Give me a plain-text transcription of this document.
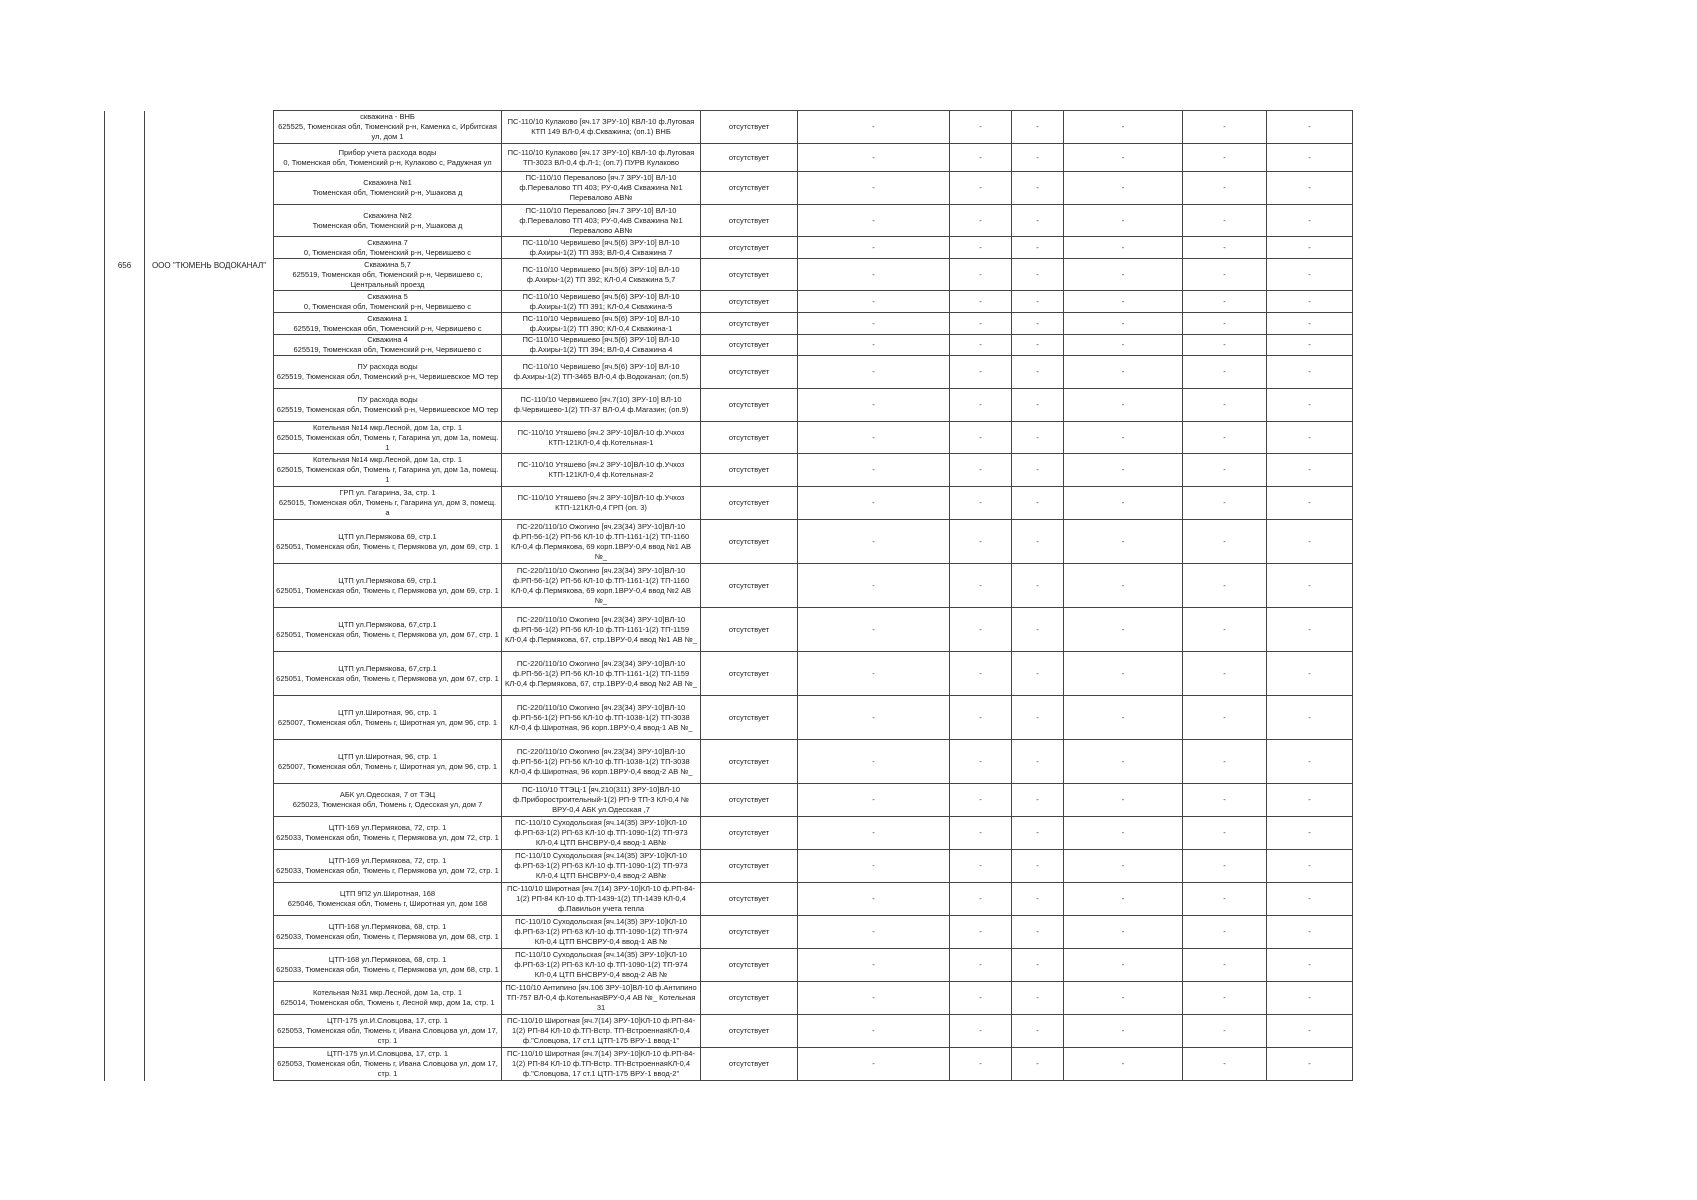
656	ООО "ТЮМЕНЬ ВОДОКАНАЛ"	скважина - ВНБ
625525, Тюменская обл, Тюменский р-н, Каменка с, Ирбитская ул, дом 1	ПС-110/10 Кулаково [яч.17 ЗРУ-10] КВЛ-10 ф.Луговая КТП 149 ВЛ-0,4 ф.Скважина; (оп.1) ВНБ	отсутствует	-	-	-	-	-	-

		Прибор учета расхода воды
0, Тюменская обл, Тюменский р-н, Кулаково с, Радужная ул	ПС-110/10 Кулаково [яч.17 ЗРУ-10] КВЛ-10 ф.Луговая ТП-3023 ВЛ-0,4 ф.Л-1; (оп.7) ПУРВ Кулаково	отсутствует	-	-	-	-	-	-

		Скважина №1
Тюменская обл, Тюменский р-н, Ушакова д	ПС-110/10 Перевалово [яч.7 ЗРУ-10] ВЛ-10 ф.Перевалово ТП 403; РУ-0,4кВ Скважина №1 Перевалово АВ№	отсутствует	-	-	-	-	-	-

		Скважина №2
Тюменская обл, Тюменский р-н, Ушакова д	ПС-110/10 Перевалово [яч.7 ЗРУ-10] ВЛ-10 ф.Перевалово ТП 403; РУ-0,4кВ Скважина №1 Перевалово АВ№	отсутствует	-	-	-	-	-	-

		Скважина 7
0, Тюменская обл, Тюменский р-н, Червишево с	ПС-110/10 Червишево [яч.5(6) ЗРУ-10] ВЛ-10 ф.Ахиры-1(2) ТП 393; ВЛ-0,4 Скважина 7	отсутствует	-	-	-	-	-	-

		Скважина 5,7
625519, Тюменская обл, Тюменский р-н, Червишево с, Центральный проезд	ПС-110/10 Червишево [яч.5(6) ЗРУ-10] ВЛ-10 ф.Ахиры-1(2) ТП 392; КЛ-0,4 Скважина 5,7	отсутствует	-	-	-	-	-	-

		Скважина 5
0, Тюменская обл, Тюменский р-н, Червишево с	ПС-110/10 Червишево [яч.5(6) ЗРУ-10] ВЛ-10 ф.Ахиры-1(2) ТП 391; КЛ-0,4 Скважина-5	отсутствует	-	-	-	-	-	-

		Скважина 1
625519, Тюменская обл, Тюменский р-н, Червишево с	ПС-110/10 Червишево [яч.5(6) ЗРУ-10] ВЛ-10 ф.Ахиры-1(2) ТП 390; КЛ-0,4 Скважина-1	отсутствует	-	-	-	-	-	-

		Скважина 4
625519, Тюменская обл, Тюменский р-н, Червишево с	ПС-110/10 Червишево [яч.5(6) ЗРУ-10] ВЛ-10 ф.Ахиры-1(2) ТП 394; ВЛ-0,4 Скважина 4	отсутствует	-	-	-	-	-	-

		ПУ расхода воды
625519, Тюменская обл, Тюменский р-н, Червишевское МО тер	ПС-110/10 Червишево [яч.5(6) ЗРУ-10] ВЛ-10 ф.Ахиры-1(2) ТП-3465 ВЛ-0,4 ф.Водоканал; (оп.5)	отсутствует	-	-	-	-	-	-

		ПУ расхода воды
625519, Тюменская обл, Тюменский р-н, Червишевское МО тер	ПС-110/10 Червишево [яч.7(10) ЗРУ-10] ВЛ-10 ф.Червишево-1(2) ТП-37 ВЛ-0,4 ф.Магазин; (оп.9)	отсутствует	-	-	-	-	-	-

		Котельная №14 мкр.Лесной, дом 1а, стр. 1
625015, Тюменская обл, Тюмень г, Гагарина ул, дом 1а, помещ. 1	ПС-110/10 Утяшево [яч.2 ЗРУ-10]ВЛ-10 ф.Учхоз КТП-121КЛ-0,4 ф.Котельная-1	отсутствует	-	-	-	-	-	-

		Котельная №14 мкр.Лесной, дом 1а, стр. 1
625015, Тюменская обл, Тюмень г, Гагарина ул, дом 1а, помещ. 1	ПС-110/10 Утяшево [яч.2 ЗРУ-10]ВЛ-10 ф.Учхоз КТП-121КЛ-0,4 ф.Котельная-2	отсутствует	-	-	-	-	-	-

		ГРП ул. Гагарина, 3а, стр. 1
625015, Тюменская обл, Тюмень г, Гагарина ул, дом 3, помещ. а	ПС-110/10 Утяшево [яч.2 ЗРУ-10]ВЛ-10 ф.Учхоз КТП-121КЛ-0,4 ГРП (оп. 3)	отсутствует	-	-	-	-	-	-

		ЦТП ул.Пермякова 69, стр.1
625051, Тюменская обл, Тюмень г, Пермякова ул, дом 69, стр. 1	ПС-220/110/10 Ожогино [яч.23(34) ЗРУ-10]ВЛ-10 ф.РП-56-1(2) РП-56 КЛ-10 ф.ТП-1161-1(2) ТП-1160 КЛ-0,4 ф.Пермякова, 69 корп.1ВРУ-0,4 ввод №1 АВ №_	отсутствует	-	-	-	-	-	-

		ЦТП ул.Пермякова 69, стр.1
625051, Тюменская обл, Тюмень г, Пермякова ул, дом 69, стр. 1	ПС-220/110/10 Ожогино [яч.23(34) ЗРУ-10]ВЛ-10 ф.РП-56-1(2) РП-56 КЛ-10 ф.ТП-1161-1(2) ТП-1160 КЛ-0,4 ф.Пермякова, 69 корп.1ВРУ-0,4 ввод №2 АВ №_	отсутствует	-	-	-	-	-	-

		ЦТП ул.Пермякова, 67,стр.1
625051, Тюменская обл, Тюмень г, Пермякова ул, дом 67, стр. 1	ПС-220/110/10 Ожогино [яч.23(34) ЗРУ-10]ВЛ-10 ф.РП-56-1(2) РП-56 КЛ-10 ф.ТП-1161-1(2) ТП-1159 КЛ-0,4 ф.Пермякова, 67, стр.1ВРУ-0,4 ввод №1 АВ №_	отсутствует	-	-	-	-	-	-

		ЦТП ул.Пермякова, 67,стр.1
625051, Тюменская обл, Тюмень г, Пермякова ул, дом 67, стр. 1	ПС-220/110/10 Ожогино [яч.23(34) ЗРУ-10]ВЛ-10 ф.РП-56-1(2) РП-56 КЛ-10 ф.ТП-1161-1(2) ТП-1159 КЛ-0,4 ф.Пермякова, 67, стр.1ВРУ-0,4 ввод №2 АВ №_	отсутствует	-	-	-	-	-	-

		ЦТП ул.Широтная, 96, стр. 1
625007, Тюменская обл, Тюмень г, Широтная ул, дом 96, стр. 1	ПС-220/110/10 Ожогино [яч.23(34) ЗРУ-10]ВЛ-10 ф.РП-56-1(2) РП-56 КЛ-10 ф.ТП-1038-1(2) ТП-3038 КЛ-0,4 ф.Широтная, 96 корп.1ВРУ-0,4 ввод-1 АВ №_	отсутствует	-	-	-	-	-	-

		ЦТП ул.Широтная, 96, стр. 1
625007, Тюменская обл, Тюмень г, Широтная ул, дом 96, стр. 1	ПС-220/110/10 Ожогино [яч.23(34) ЗРУ-10]ВЛ-10 ф.РП-56-1(2) РП-56 КЛ-10 ф.ТП-1038-1(2) ТП-3038 КЛ-0,4 ф.Широтная, 96 корп.1ВРУ-0,4 ввод-2 АВ №_	отсутствует	-	-	-	-	-	-

		АБК ул.Одесская, 7 от ТЭЦ
625023, Тюменская обл, Тюмень г, Одесская ул, дом 7	ПС-110/10 ТТЭЦ-1 [яч.210(311) ЗРУ-10]ВЛ-10 ф.Приборостроительный-1(2) РП-9 ТП-3 КЛ-0,4 № ВРУ-0,4 АБК ул.Одесская ,7	отсутствует	-	-	-	-	-	-

		ЦТП-169 ул.Пермякова, 72, стр. 1
625033, Тюменская обл, Тюмень г, Пермякова ул, дом 72, стр. 1	ПС-110/10 Суходольская [яч.14(35) ЗРУ-10]КЛ-10 ф.РП-63-1(2) РП-63 КЛ-10 ф.ТП-1090-1(2) ТП-973 КЛ-0,4 ЦТП БНСВРУ-0,4 ввод-1 АВ№	отсутствует	-	-	-	-	-	-

		ЦТП-169 ул.Пермякова, 72, стр. 1
625033, Тюменская обл, Тюмень г, Пермякова ул, дом 72, стр. 1	ПС-110/10 Суходольская [яч.14(35) ЗРУ-10]КЛ-10 ф.РП-63-1(2) РП-63 КЛ-10 ф.ТП-1090-1(2) ТП-973 КЛ-0,4 ЦТП БНСВРУ-0,4 ввод-2 АВ№	отсутствует	-	-	-	-	-	-

		ЦТП 9П2 ул.Широтная, 168
625046, Тюменская обл, Тюмень г, Широтная ул, дом 168	ПС-110/10 Широтная [яч.7(14) ЗРУ-10]КЛ-10 ф.РП-84-1(2) РП-84 КЛ-10 ф.ТП-1439-1(2) ТП-1439 КЛ-0,4 ф.Павильон учета тепла	отсутствует	-	-	-	-	-	-

		ЦТП-168 ул.Пермякова, 68, стр. 1
625033, Тюменская обл, Тюмень г, Пермякова ул, дом 68, стр. 1	ПС-110/10 Суходольская [яч.14(35) ЗРУ-10]КЛ-10 ф.РП-63-1(2) РП-63 КЛ-10 ф.ТП-1090-1(2) ТП-974 КЛ-0,4 ЦТП БНСВРУ-0,4 ввод-1 АВ №	отсутствует	-	-	-	-	-	-

		ЦТП-168 ул.Пермякова, 68, стр. 1
625033, Тюменская обл, Тюмень г, Пермякова ул, дом 68, стр. 1	ПС-110/10 Суходольская [яч.14(35) ЗРУ-10]КЛ-10 ф.РП-63-1(2) РП-63 КЛ-10 ф.ТП-1090-1(2) ТП-974 КЛ-0,4 ЦТП БНСВРУ-0,4 ввод-2 АВ №	отсутствует	-	-	-	-	-	-

		Котельная №31 мкр.Лесной, дом 1а, стр. 1
625014, Тюменская обл, Тюмень г, Лесной мкр, дом 1а, стр. 1	ПС-110/10 Антипино [яч.106 ЗРУ-10]ВЛ-10 ф.Антипино ТП-757 ВЛ-0,4 ф.КотельнаяВРУ-0,4 АВ №_ Котельная 31	отсутствует	-	-	-	-	-	-

		ЦТП-175 ул.И.Словцова, 17, стр. 1
625053, Тюменская обл, Тюмень г, Ивана Словцова ул, дом 17, стр. 1	ПС-110/10 Широтная [яч.7(14) ЗРУ-10]КЛ-10 ф.РП-84-1(2) РП-84 КЛ-10 ф.ТП-Встр. ТП-ВстроеннаяКЛ-0,4 ф."Словцова, 17 ст.1 ЦТП-175 ВРУ-1 ввод-1"	отсутствует	-	-	-	-	-	-

		ЦТП-175 ул.И.Словцова, 17, стр. 1
625053, Тюменская обл, Тюмень г, Ивана Словцова ул, дом 17, стр. 1	ПС-110/10 Широтная [яч.7(14) ЗРУ-10]КЛ-10 ф.РП-84-1(2) РП-84 КЛ-10 ф.ТП-Встр. ТП-ВстроеннаяКЛ-0,4 ф."Словцова, 17 ст.1 ЦТП-175 ВРУ-1 ввод-2"	отсутствует	-	-	-	-	-	-
